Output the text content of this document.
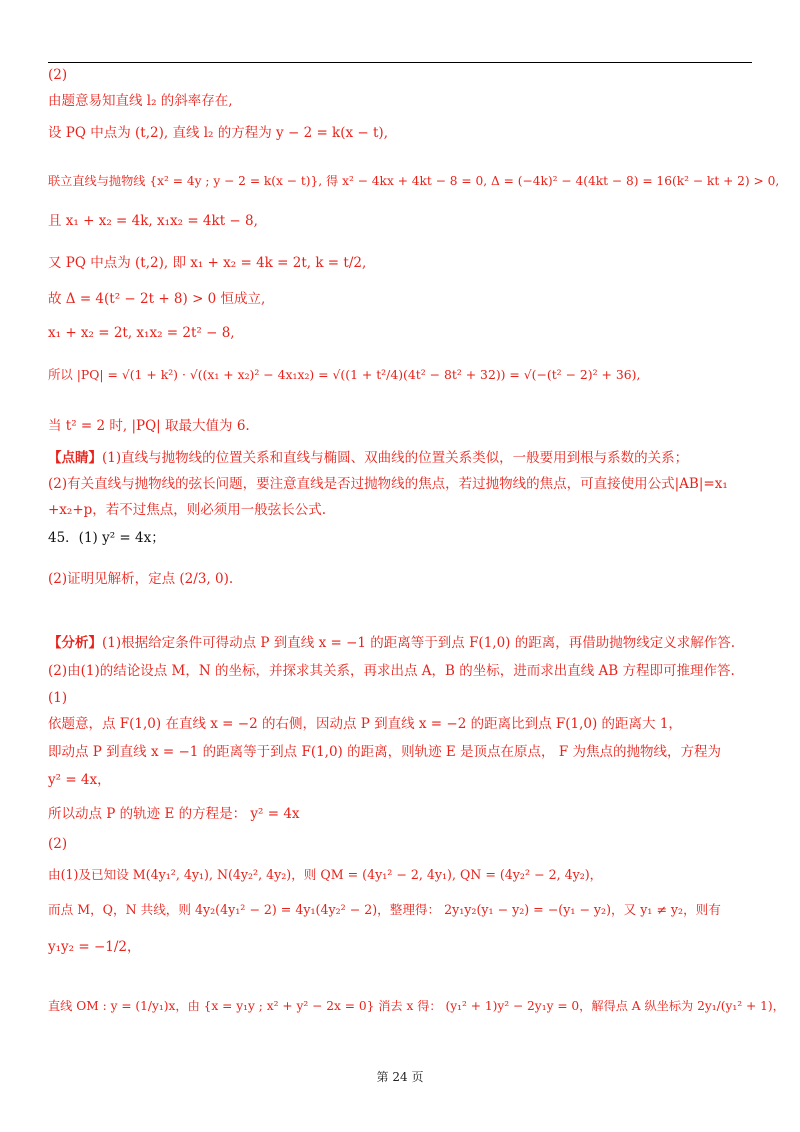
(2)
由题意易知直线 l₂ 的斜率存在,
设 PQ 中点为 (t,2), 直线 l₂ 的方程为 y − 2 = k(x − t),
联立直线与抛物线 {x² = 4y ; y − 2 = k(x − t)}, 得 x² − 4kx + 4kt − 8 = 0, Δ = (−4k)² − 4(4kt − 8) = 16(k² − kt + 2) > 0,
且 x₁ + x₂ = 4k, x₁x₂ = 4kt − 8,
又 PQ 中点为 (t,2), 即 x₁ + x₂ = 4k = 2t, k = t/2,
故 Δ = 4(t² − 2t + 8) > 0 恒成立,
x₁ + x₂ = 2t, x₁x₂ = 2t² − 8,
所以 |PQ| = √(1 + k²) · √((x₁ + x₂)² − 4x₁x₂) = √((1 + t²/4)(4t² − 8t² + 32)) = √(−(t² − 2)² + 36),
当 t² = 2 时, |PQ| 取最大值为 6.
【点睛】(1)直线与抛物线的位置关系和直线与椭圆、双曲线的位置关系类似，一般要用到根与系数的关系；
(2)有关直线与抛物线的弦长问题，要注意直线是否过抛物线的焦点，若过抛物线的焦点，可直接使用公式|AB|=x₁
+x₂+p，若不过焦点，则必须用一般弦长公式.
45．(1) y² = 4x；
(2)证明见解析，定点 (2/3, 0).
【分析】(1)根据给定条件可得动点 P 到直线 x = −1 的距离等于到点 F(1,0) 的距离，再借助抛物线定义求解作答.
(2)由(1)的结论设点 M，N 的坐标，并探求其关系，再求出点 A，B 的坐标，进而求出直线 AB 方程即可推理作答.
(1)
依题意，点 F(1,0) 在直线 x = −2 的右侧，因动点 P 到直线 x = −2 的距离比到点 F(1,0) 的距离大 1，
即动点 P 到直线 x = −1 的距离等于到点 F(1,0) 的距离，则轨迹 E 是顶点在原点， F 为焦点的抛物线，方程为
y² = 4x，
所以动点 P 的轨迹 E 的方程是： y² = 4x
(2)
由(1)及已知设 M(4y₁², 4y₁), N(4y₂², 4y₂)，则 QM = (4y₁² − 2, 4y₁), QN = (4y₂² − 2, 4y₂)，
而点 M，Q，N 共线，则 4y₂(4y₁² − 2) = 4y₁(4y₂² − 2)，整理得： 2y₁y₂(y₁ − y₂) = −(y₁ − y₂)，又 y₁ ≠ y₂，则有
y₁y₂ = −1/2，
直线 OM : y = (1/y₁)x，由 {x = y₁y ; x² + y² − 2x = 0} 消去 x 得： (y₁² + 1)y² − 2y₁y = 0，解得点 A 纵坐标为 2y₁/(y₁² + 1)，
第 24 页
